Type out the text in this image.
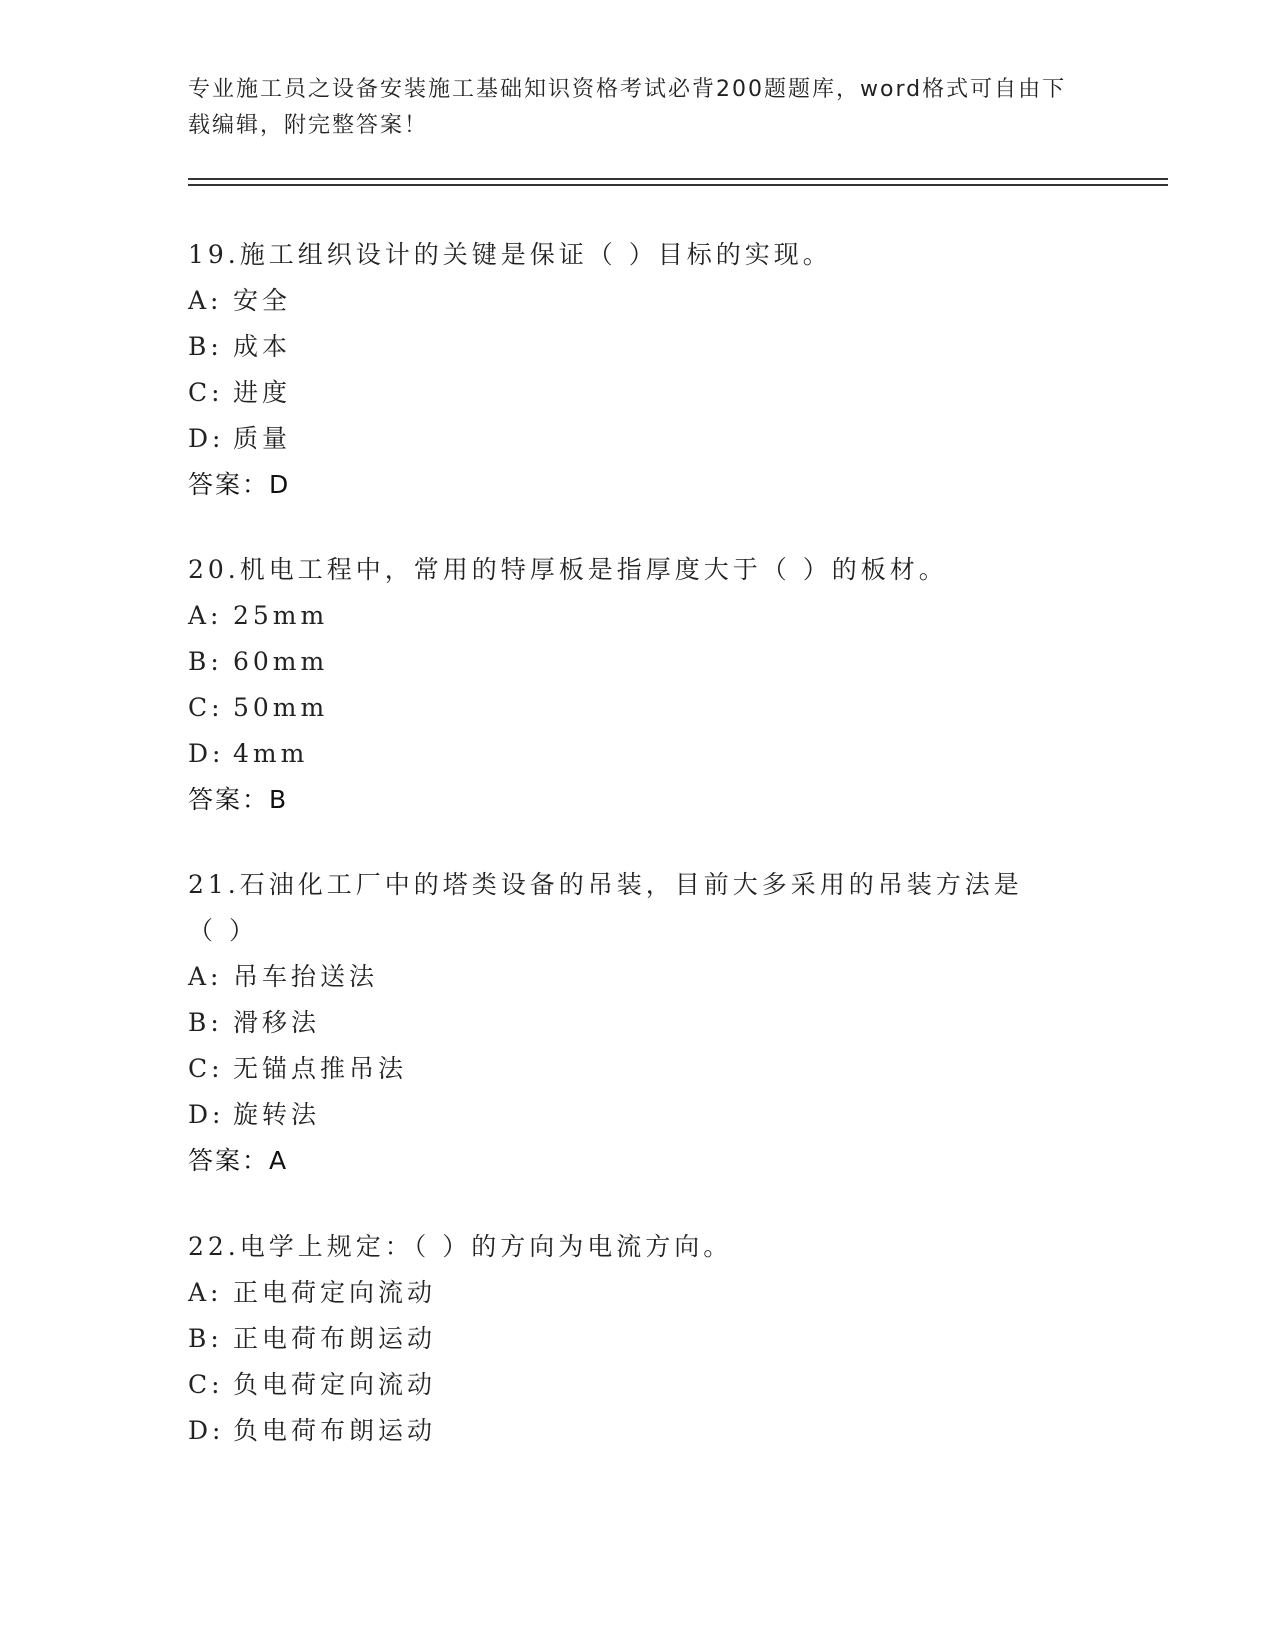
专业施工员之设备安装施工基础知识资格考试必背200题题库，word格式可自由下载编辑，附完整答案！
19.施工组织设计的关键是保证（ ）目标的实现。
A: 安全
B: 成本
C: 进度
D: 质量
答案：D
20.机电工程中，常用的特厚板是指厚度大于（ ）的板材。
A: 25mm
B: 60mm
C: 50mm
D: 4mm
答案：B
21.石油化工厂中的塔类设备的吊装，目前大多采用的吊装方法是（ ）
A: 吊车抬送法
B: 滑移法
C: 无锚点推吊法
D: 旋转法
答案：A
22.电学上规定：（ ）的方向为电流方向。
A: 正电荷定向流动
B: 正电荷布朗运动
C: 负电荷定向流动
D: 负电荷布朗运动
